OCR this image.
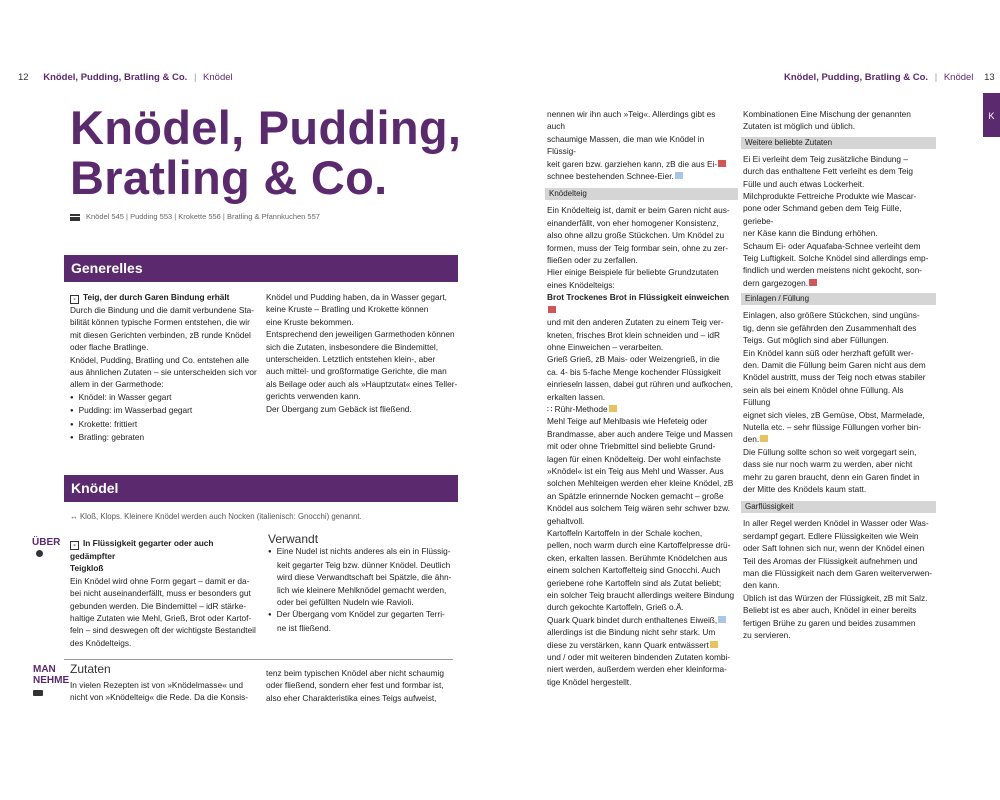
12 Knödel, Pudding, Bratling & Co. | Knödel
Knödel, Pudding,
Bratling & Co.
Knödel 545 | Pudding 553 | Krokette 556 | Bratling & Pfannkuchen 557
Generelles

- Teig, der durch Garen Bindung erhält

Durch die Bindung und die damit verbundene Sta-

bilität können typische Formen entstehen, die wir

mit diesen Gerichten verbinden, zB runde Knödel

oder flache Bratlinge.

Knödel, Pudding, Bratling und Co. entstehen alle

aus ähnlichen Zutaten – sie unterscheiden sich vor

allem in der Garmethode:

● Knödel: in Wasser gegart
● Pudding: im Wasserbad gegart
● Krokette: frittiert
● Bratling: gebraten

Knödel und Pudding haben, da in Wasser gegart,

keine Kruste – Bratling und Krokette können

eine Kruste bekommen.

Entsprechend den jeweiligen Garmethoden können

sich die Zutaten, insbesondere die Bindemittel,

unterscheiden. Letztlich entstehen klein-, aber

auch mittel- und großformatige Gerichte, die man

als Beilage oder auch als »Hauptzutat« eines Teller-

gerichts verwenden kann.

Der Übergang zum Gebäck ist fließend.

Knödel
↔ Kloß, Klops. Kleinere Knödel werden auch Nocken (italienisch: Gnocchi) genannt.
ÜBER	- In Flüssigkeit gegarter oder auch gedämpfter

Teigkloß

Ein Knödel wird ohne Form gegart – damit er da-

bei nicht auseinanderfällt, muss er besonders gut

gebunden werden. Die Bindemittel – idR stärke-

haltige Zutaten wie Mehl, Grieß, Brot oder Kartof-

feln – sind deswegen oft der wichtigste Bestandteil

des Knödelteigs.

Verwandt

● Eine Nudel ist nichts anderes als ein in Flüssig-

keit gegarter Teig bzw. dünner Knödel. Deutlich

wird diese Verwandtschaft bei Spätzle, die ähn-

lich wie kleinere Mehlknödel gemacht werden,

oder bei gefüllten Nudeln wie Ravioli.

● Der Übergang vom Knödel zur gegarten Terri-

ne ist fließend.

MAN
NEHME
Zutaten

In vielen Rezepten ist von »Knödelmasse« und

nicht von »Knödelteig« die Rede. Da die Konsis-

tenz beim typischen Knödel aber nicht schaumig

oder fließend, sondern eher fest und formbar ist,

also eher Charakteristika eines Teigs aufweist,

Knödel, Pudding, Bratling & Co. | Knödel 13

nennen wir ihn auch »Teig«. Allerdings gibt es auch

schaumige Massen, die man wie Knödel in Flüssig-

keit garen bzw. garziehen kann, zB die aus Ei-

schnee bestehenden Schnee-Eier.

Knödelteig

Ein Knödelteig ist, damit er beim Garen nicht aus-

einanderfällt, von eher homogener Konsistenz,

also ohne allzu große Stückchen. Um Knödel zu

formen, muss der Teig formbar sein, ohne zu zer-

fließen oder zu zerfallen.

Hier einige Beispiele für beliebte Grundzutaten

eines Knödelteigs:

Brot Trockenes Brot in Flüssigkeit einweichen

und mit den anderen Zutaten zu einem Teig ver-

kneten, frisches Brot klein schneiden und – idR

ohne Einweichen – verarbeiten.

Grieß Grieß, zB Mais- oder Weizengrieß, in die

ca. 4- bis 5-fache Menge kochender Flüssigkeit

einrieseln lassen, dabei gut rühren und aufkochen,

erkalten lassen.

∷ Rühr-Methode

Mehl Teige auf Mehlbasis wie Hefeteig oder

Brandmasse, aber auch andere Teige und Massen

mit oder ohne Triebmittel sind beliebte Grund-

lagen für einen Knödelteig. Der wohl einfachste

»Knödel« ist ein Teig aus Mehl und Wasser. Aus

solchen Mehlteigen werden eher kleine Knödel, zB

an Spätzle erinnernde Nocken gemacht – große

Knödel aus solchem Teig wären sehr schwer bzw.

gehaltvoll.

Kartoffeln Kartoffeln in der Schale kochen,

pellen, noch warm durch eine Kartoffelpresse drü-

cken, erkalten lassen. Berühmte Knödelchen aus

einem solchen Kartoffelteig sind Gnocchi. Auch

geriebene rohe Kartoffeln sind als Zutat beliebt;

ein solcher Teig braucht allerdings weitere Bindung

durch gekochte Kartoffeln, Grieß o.Ä.

Quark Quark bindet durch enthaltenes Eiweiß,

allerdings ist die Bindung nicht sehr stark. Um

diese zu verstärken, kann Quark entwässert

und / oder mit weiteren bindenden Zutaten kombi-

niert werden, außerdem werden eher kleinforma-

tige Knödel hergestellt.

Kombinationen Eine Mischung der genannten

Zutaten ist möglich und üblich.

Weitere beliebte Zutaten

Ei Ei verleiht dem Teig zusätzliche Bindung –

durch das enthaltene Fett verleiht es dem Teig

Fülle und auch etwas Lockerheit.

Milchprodukte Fettreiche Produkte wie Mascar-

pone oder Schmand geben dem Teig Fülle, geriebe-

ner Käse kann die Bindung erhöhen.

Schaum Ei- oder Aquafaba-Schnee verleiht dem

Teig Luftigkeit. Solche Knödel sind allerdings emp-

findlich und werden meistens nicht gekocht, son-

dern gargezogen.

Einlagen / Füllung

Einlagen, also größere Stückchen, sind ungüns-

tig, denn sie gefährden den Zusammenhalt des

Teigs. Gut möglich sind aber Füllungen.

Ein Knödel kann süß oder herzhaft gefüllt wer-

den. Damit die Füllung beim Garen nicht aus dem

Knödel austritt, muss der Teig noch etwas stabiler

sein als bei einem Knödel ohne Füllung. Als Füllung

eignet sich vieles, zB Gemüse, Obst, Marmelade,

Nutella etc. – sehr flüssige Füllungen vorher bin-

den.

Die Füllung sollte schon so weit vorgegart sein,

dass sie nur noch warm zu werden, aber nicht

mehr zu garen braucht, denn ein Garen findet in

der Mitte des Knödels kaum statt.

Garflüssigkeit

In aller Regel werden Knödel in Wasser oder Was-

serdampf gegart. Edlere Flüssigkeiten wie Wein

oder Saft lohnen sich nur, wenn der Knödel einen

Teil des Aromas der Flüssigkeit aufnehmen und

man die Flüssigkeit nach dem Garen weiterverwen-

den kann.

Üblich ist das Würzen der Flüssigkeit, zB mit Salz.

Beliebt ist es aber auch, Knödel in einer bereits

fertigen Brühe zu garen und beides zusammen

zu servieren.

K
